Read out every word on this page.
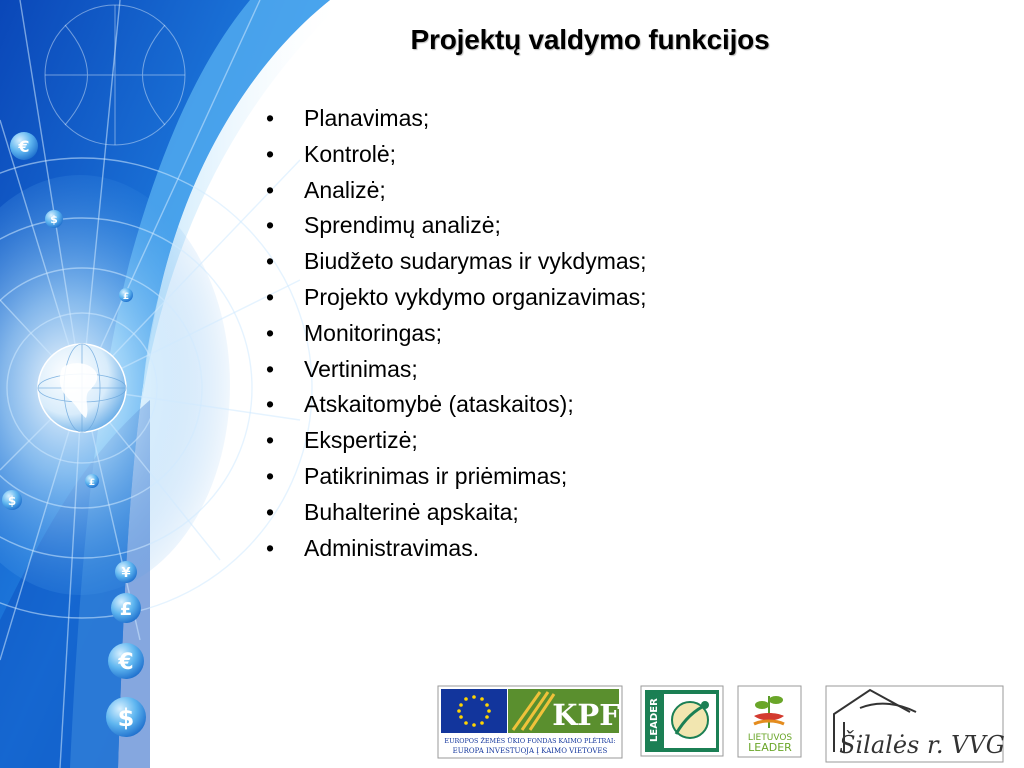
€
$
£
£
$
¥
£
€
$
Projektų valdymo funkcijos
• Planavimas;
• Kontrolė;
• Analizė;
• Sprendimų analizė;
• Biudžeto sudarymas ir vykdymas;
• Projekto vykdymo organizavimas;
• Monitoringas;
• Vertinimas;
• Atskaitomybė (ataskaitos);
• Ekspertizė;
• Patikrinimas ir priėmimas;
• Buhalterinė apskaita;
• Administravimas.
KPF
EUROPOS ŽEMĖS ŪKIO FONDAS KAIMO PLĖTRAI:
EUROPA INVESTUOJA Į KAIMO VIETOVES
LEADER	LIETUVOS
LEADER Šilalės r. VVG
